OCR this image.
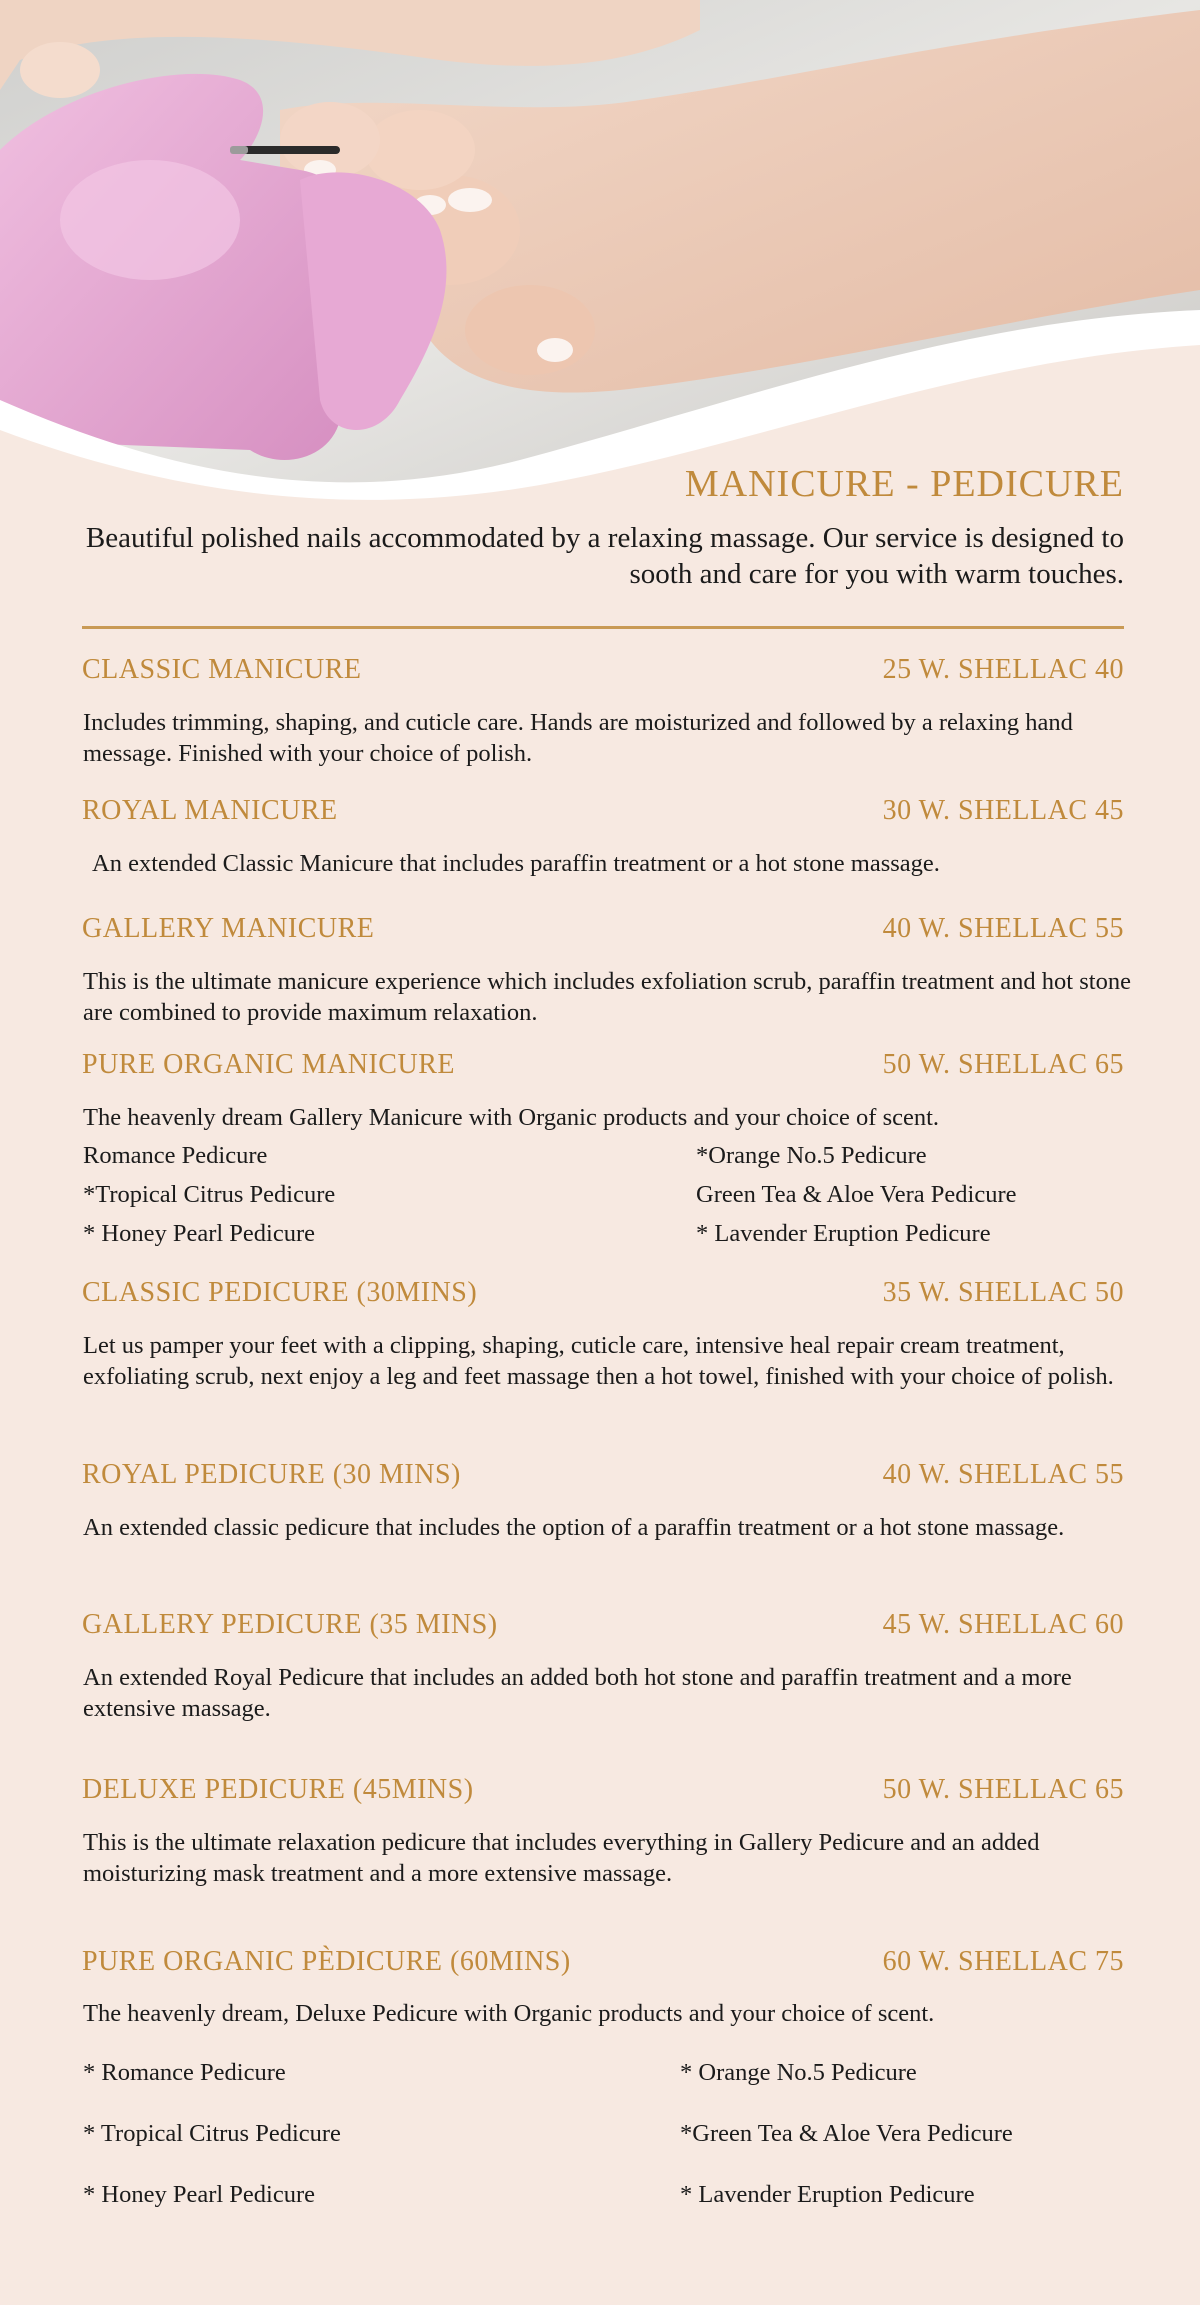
MANICURE - PEDICURE

Beautiful polished nails accommodated by a relaxing massage. Our service is designed to sooth and care for you with warm touches.

CLASSIC MANICURE	25 W. SHELLAC 40

Includes trimming, shaping, and cuticle care. Hands are moisturized and followed by a relaxing hand message. Finished with your choice of polish.

ROYAL MANICURE	30 W. SHELLAC 45

An extended Classic Manicure that includes paraffin treatment or a hot stone massage.

GALLERY MANICURE	40 W. SHELLAC 55

This is the ultimate manicure experience which includes exfoliation scrub, paraffin treatment and hot stone are combined to provide maximum relaxation.

PURE ORGANIC MANICURE	50 W. SHELLAC 65

The heavenly dream Gallery Manicure with Organic products and your choice of scent.

Romance Pedicure	*Orange No.5 Pedicure
*Tropical Citrus Pedicure	Green Tea & Aloe Vera Pedicure
* Honey Pearl Pedicure	* Lavender Eruption Pedicure
CLASSIC PEDICURE (30MINS)	35 W. SHELLAC 50

Let us pamper your feet with a clipping, shaping, cuticle care, intensive heal repair cream treatment, exfoliating scrub, next enjoy a leg and feet massage then a hot towel, finished with your choice of polish.

ROYAL PEDICURE (30 MINS)	40 W. SHELLAC 55

An extended classic pedicure that includes the option of a paraffin treatment or a hot stone massage.

GALLERY PEDICURE (35 MINS)	45 W. SHELLAC 60

An extended Royal Pedicure that includes an added both hot stone and paraffin treatment and a more extensive massage.

DELUXE PEDICURE (45MINS)	50 W. SHELLAC 65

This is the ultimate relaxation pedicure that includes everything in Gallery Pedicure and an added moisturizing mask treatment and a more extensive massage.

PURE ORGANIC PÈDICURE (60MINS)	60 W. SHELLAC 75

The heavenly dream, Deluxe Pedicure with Organic products and your choice of scent.

* Romance Pedicure	* Orange No.5 Pedicure
* Tropical Citrus Pedicure	*Green Tea & Aloe Vera Pedicure
* Honey Pearl Pedicure	* Lavender Eruption Pedicure
